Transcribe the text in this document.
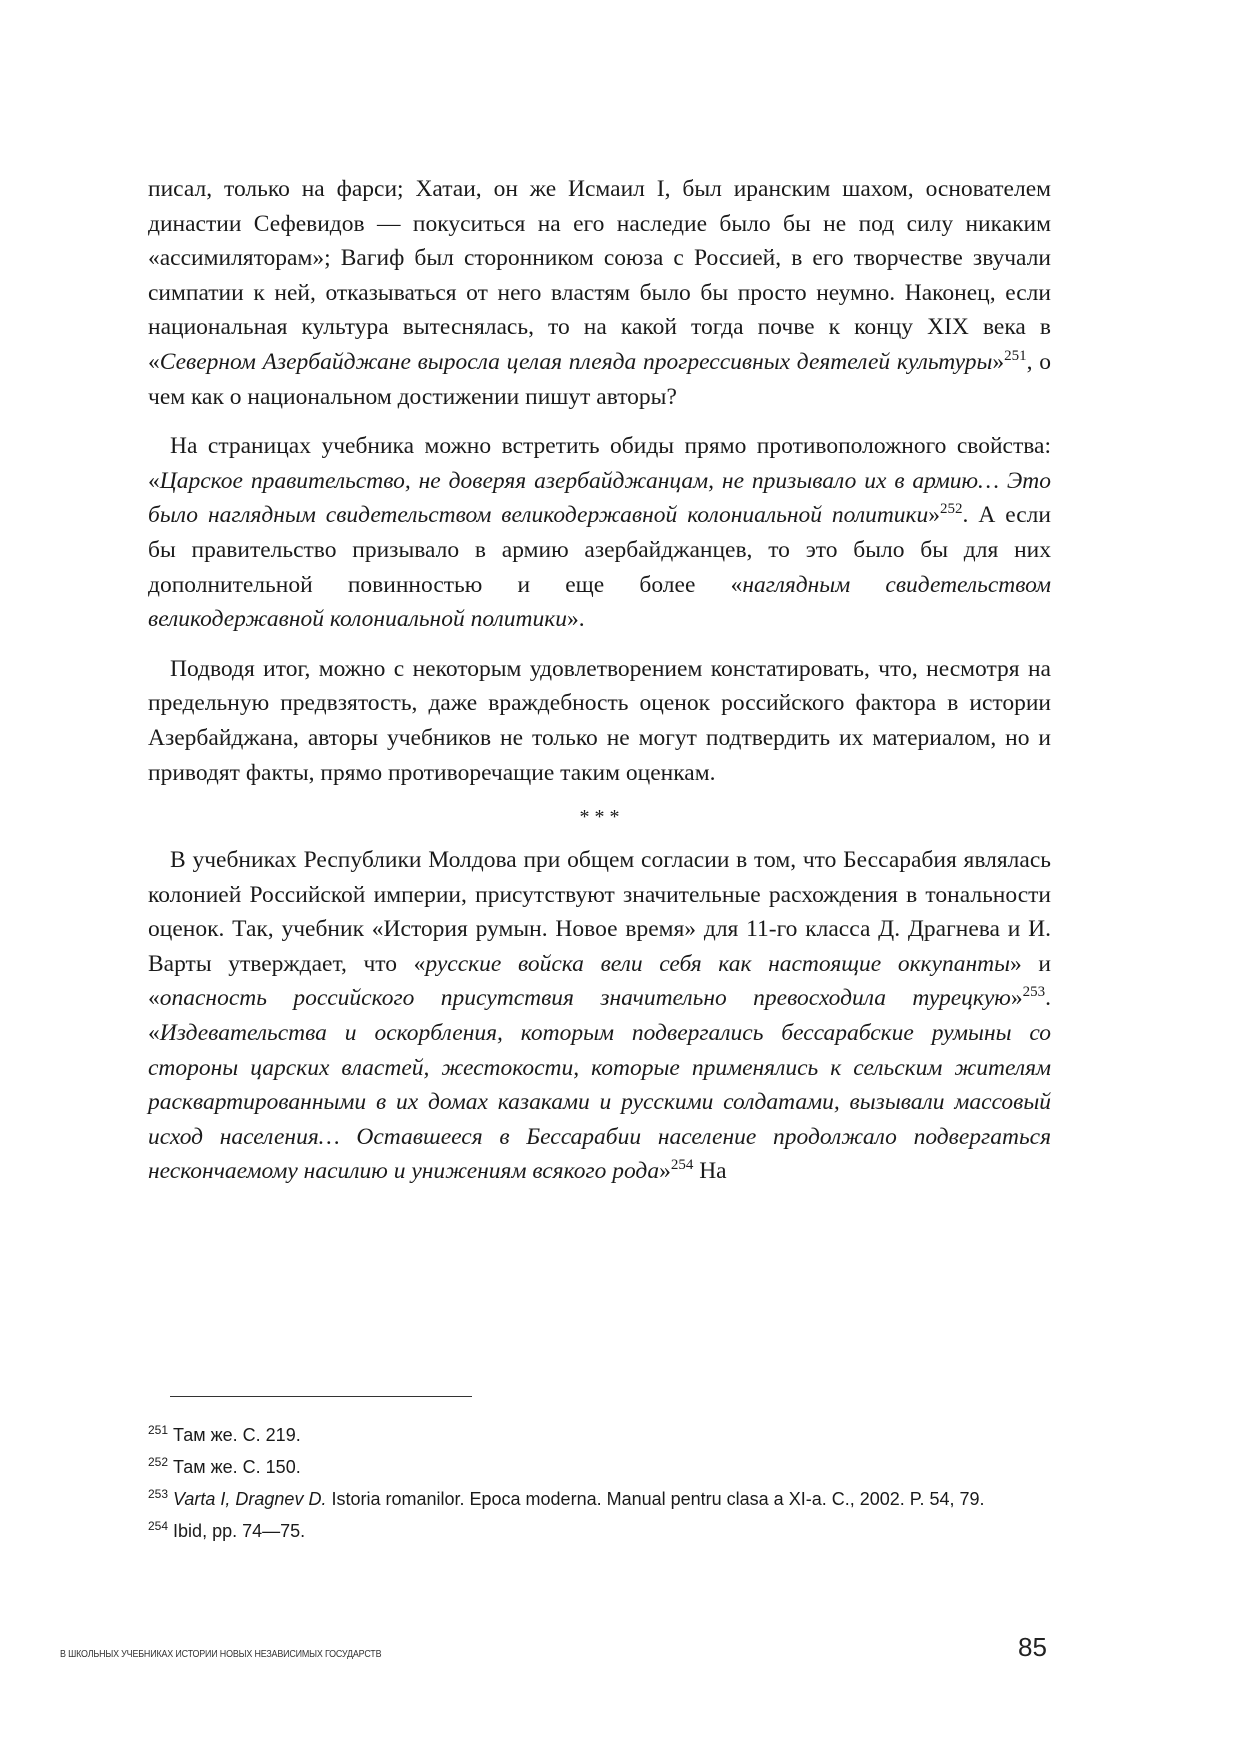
писал, только на фарси; Хатаи, он же Исмаил I, был иранским шахом, основателем династии Сефевидов — покуситься на его наследие было бы не под силу никаким «ассимиляторам»; Вагиф был сторонником союза с Россией, в его творчестве звучали симпатии к ней, отказываться от него властям было бы просто неумно. Наконец, если национальная культура вытеснялась, то на какой тогда почве к концу XIX века в «Северном Азербайджане выросла целая плеяда прогрессивных деятелей культуры»$^{251}$, о чем как о национальном достижении пишут авторы?

На страницах учебника можно встретить обиды прямо противоположного свойства: «Царское правительство, не доверяя азербайджанцам, не призывало их в армию… Это было наглядным свидетельством великодержавной колониальной политики»$^{252}$. А если бы правительство призывало в армию азербайджанцев, то это было бы для них дополнительной повинностью и еще более «наглядным свидетельством великодержавной колониальной политики».

Подводя итог, можно с некоторым удовлетворением констатировать, что, несмотря на предельную предвзятость, даже враждебность оценок российского фактора в истории Азербайджана, авторы учебников не только не могут подтвердить их материалом, но и приводят факты, прямо противоречащие таким оценкам.

* * *

В учебниках Республики Молдова при общем согласии в том, что Бессарабия являлась колонией Российской империи, присутствуют значительные расхождения в тональности оценок. Так, учебник «История румын. Новое время» для 11-го класса Д. Драгнева и И. Варты утверждает, что «русские войска вели себя как настоящие оккупанты» и «опасность российского присутствия значительно превосходила турецкую»$^{253}$. «Издевательства и оскорбления, которым подвергались бессарабские румыны со стороны царских властей, жестокости, которые применялись к сельским жителям расквартированными в их домах казаками и русскими солдатами, вызывали массовый исход населения… Оставшееся в Бессарабии население продолжало подвергаться нескончаемому насилию и унижениям всякого рода»$^{254}$ На

$^{251}$ Там же. С. 219.

$^{252}$ Там же. С. 150.

$^{253}$ Varta I, Dragnev D. Istoria romanilor. Epoca moderna. Manual pentru clasa a XI-a. C., 2002. P. 54, 79.

$^{254}$ Ibid, pp. 74—75.

В ШКОЛЬНЫХ УЧЕБНИКАХ ИСТОРИИ НОВЫХ НЕЗАВИСИМЫХ ГОСУДАРСТВ	85
